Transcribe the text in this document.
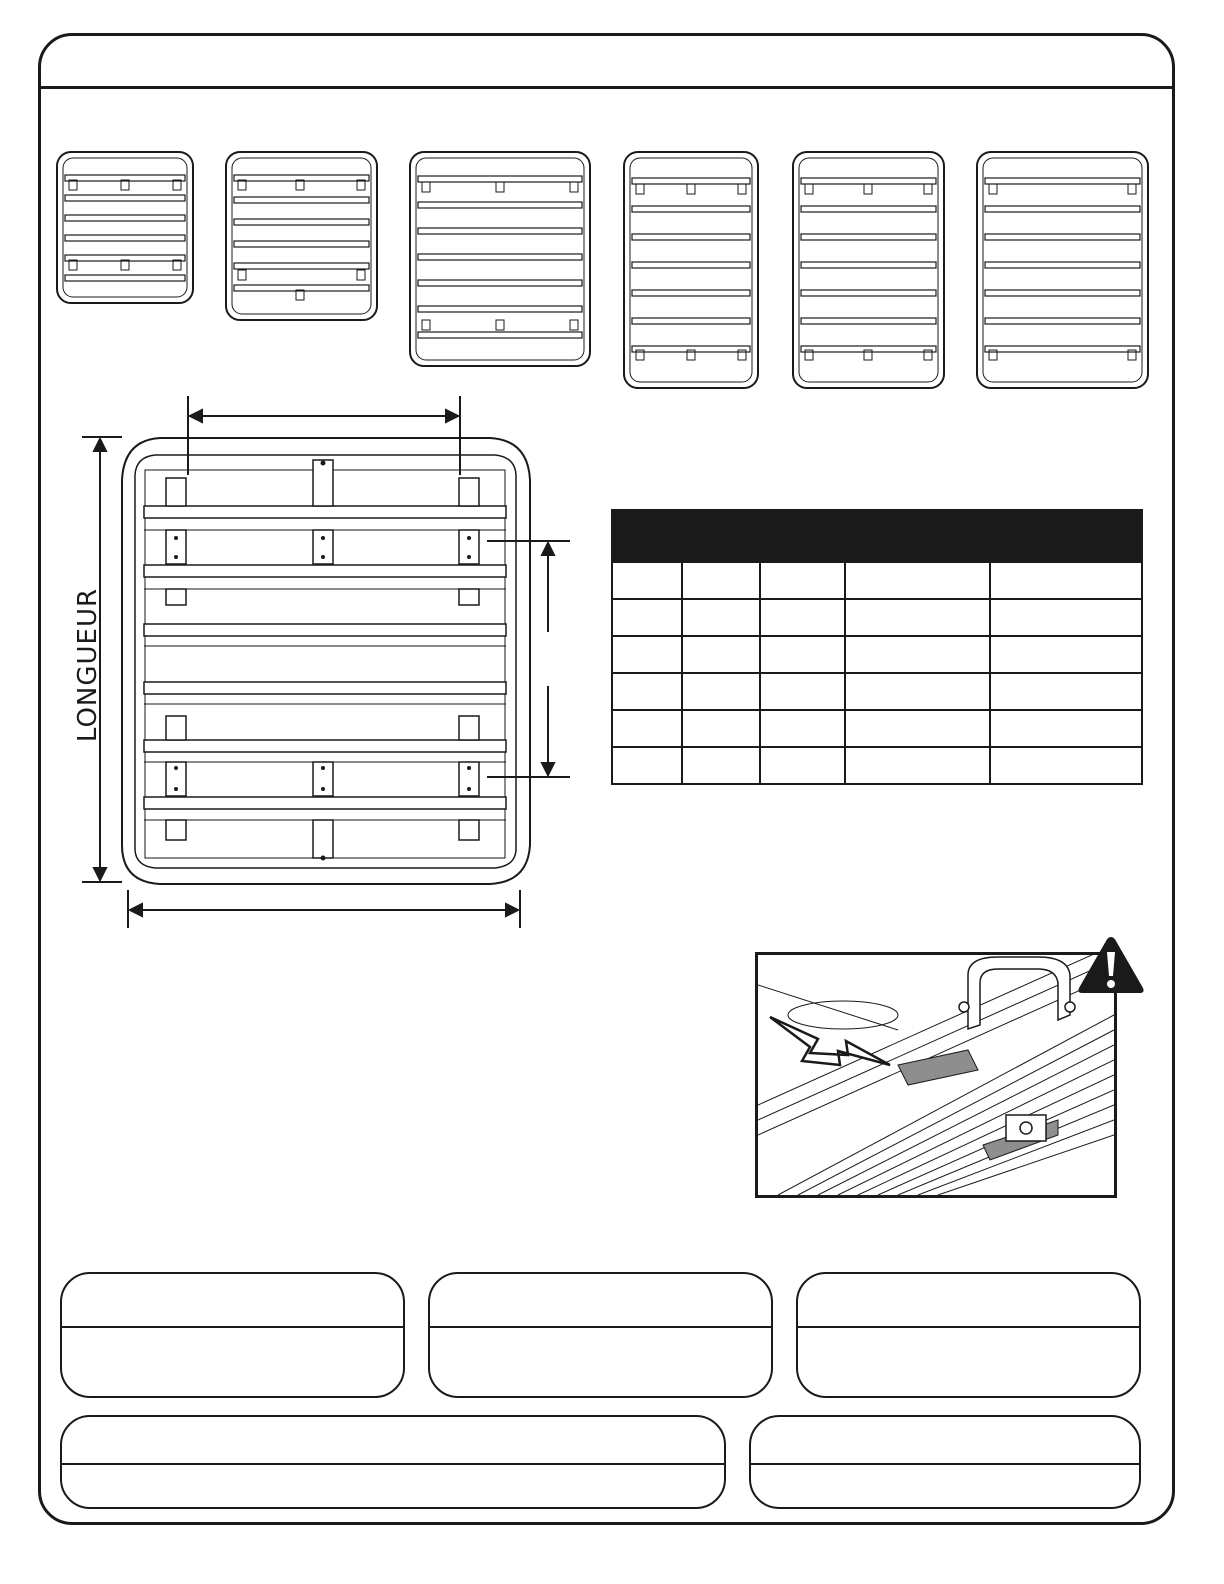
LONGUEUR
